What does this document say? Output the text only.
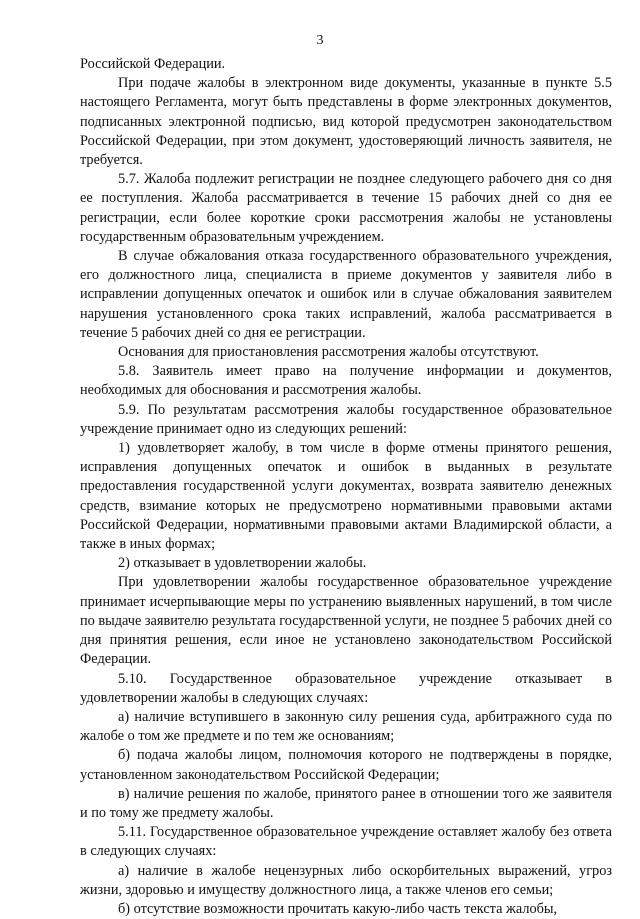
3

Российской Федерации.

При подаче жалобы в электронном виде документы, указанные в пункте 5.5 настоящего Регламента, могут быть представлены в форме электронных документов, подписанных электронной подписью, вид которой предусмотрен законодательством Российской Федерации, при этом документ, удостоверяющий личность заявителя, не требуется.

5.7. Жалоба подлежит регистрации не позднее следующего рабочего дня со дня ее поступления. Жалоба рассматривается в течение 15 рабочих дней со дня ее регистрации, если более короткие сроки рассмотрения жалобы не установлены государственным образовательным учреждением.

В случае обжалования отказа государственного образовательного учреждения, его должностного лица, специалиста в приеме документов у заявителя либо в исправлении допущенных опечаток и ошибок или в случае обжалования заявителем нарушения установленного срока таких исправлений, жалоба рассматривается в течение 5 рабочих дней со дня ее регистрации.

Основания для приостановления рассмотрения жалобы отсутствуют.

5.8. Заявитель имеет право на получение информации и документов, необходимых для обоснования и рассмотрения жалобы.

5.9. По результатам рассмотрения жалобы государственное образовательное учреждение принимает одно из следующих решений:

1) удовлетворяет жалобу, в том числе в форме отмены принятого решения, исправления допущенных опечаток и ошибок в выданных в результате предоставления государственной услуги документах, возврата заявителю денежных средств, взимание которых не предусмотрено нормативными правовыми актами Российской Федерации, нормативными правовыми актами Владимирской области, а также в иных формах;

2) отказывает в удовлетворении жалобы.

При удовлетворении жалобы государственное образовательное учреждение принимает исчерпывающие меры по устранению выявленных нарушений, в том числе по выдаче заявителю результата государственной услуги, не позднее 5 рабочих дней со дня принятия решения, если иное не установлено законодательством Российской Федерации.

5.10. Государственное образовательное учреждение отказывает в удовлетворении жалобы в следующих случаях:

а) наличие вступившего в законную силу решения суда, арбитражного суда по жалобе о том же предмете и по тем же основаниям;

б) подача жалобы лицом, полномочия которого не подтверждены в порядке, установленном законодательством Российской Федерации;

в) наличие решения по жалобе, принятого ранее в отношении того же заявителя и по тому же предмету жалобы.

5.11. Государственное образовательное учреждение оставляет жалобу без ответа в следующих случаях:

а) наличие в жалобе нецензурных либо оскорбительных выражений, угроз жизни, здоровью и имуществу должностного лица, а также членов его семьи;

б) отсутствие возможности прочитать какую-либо часть текста жалобы,
